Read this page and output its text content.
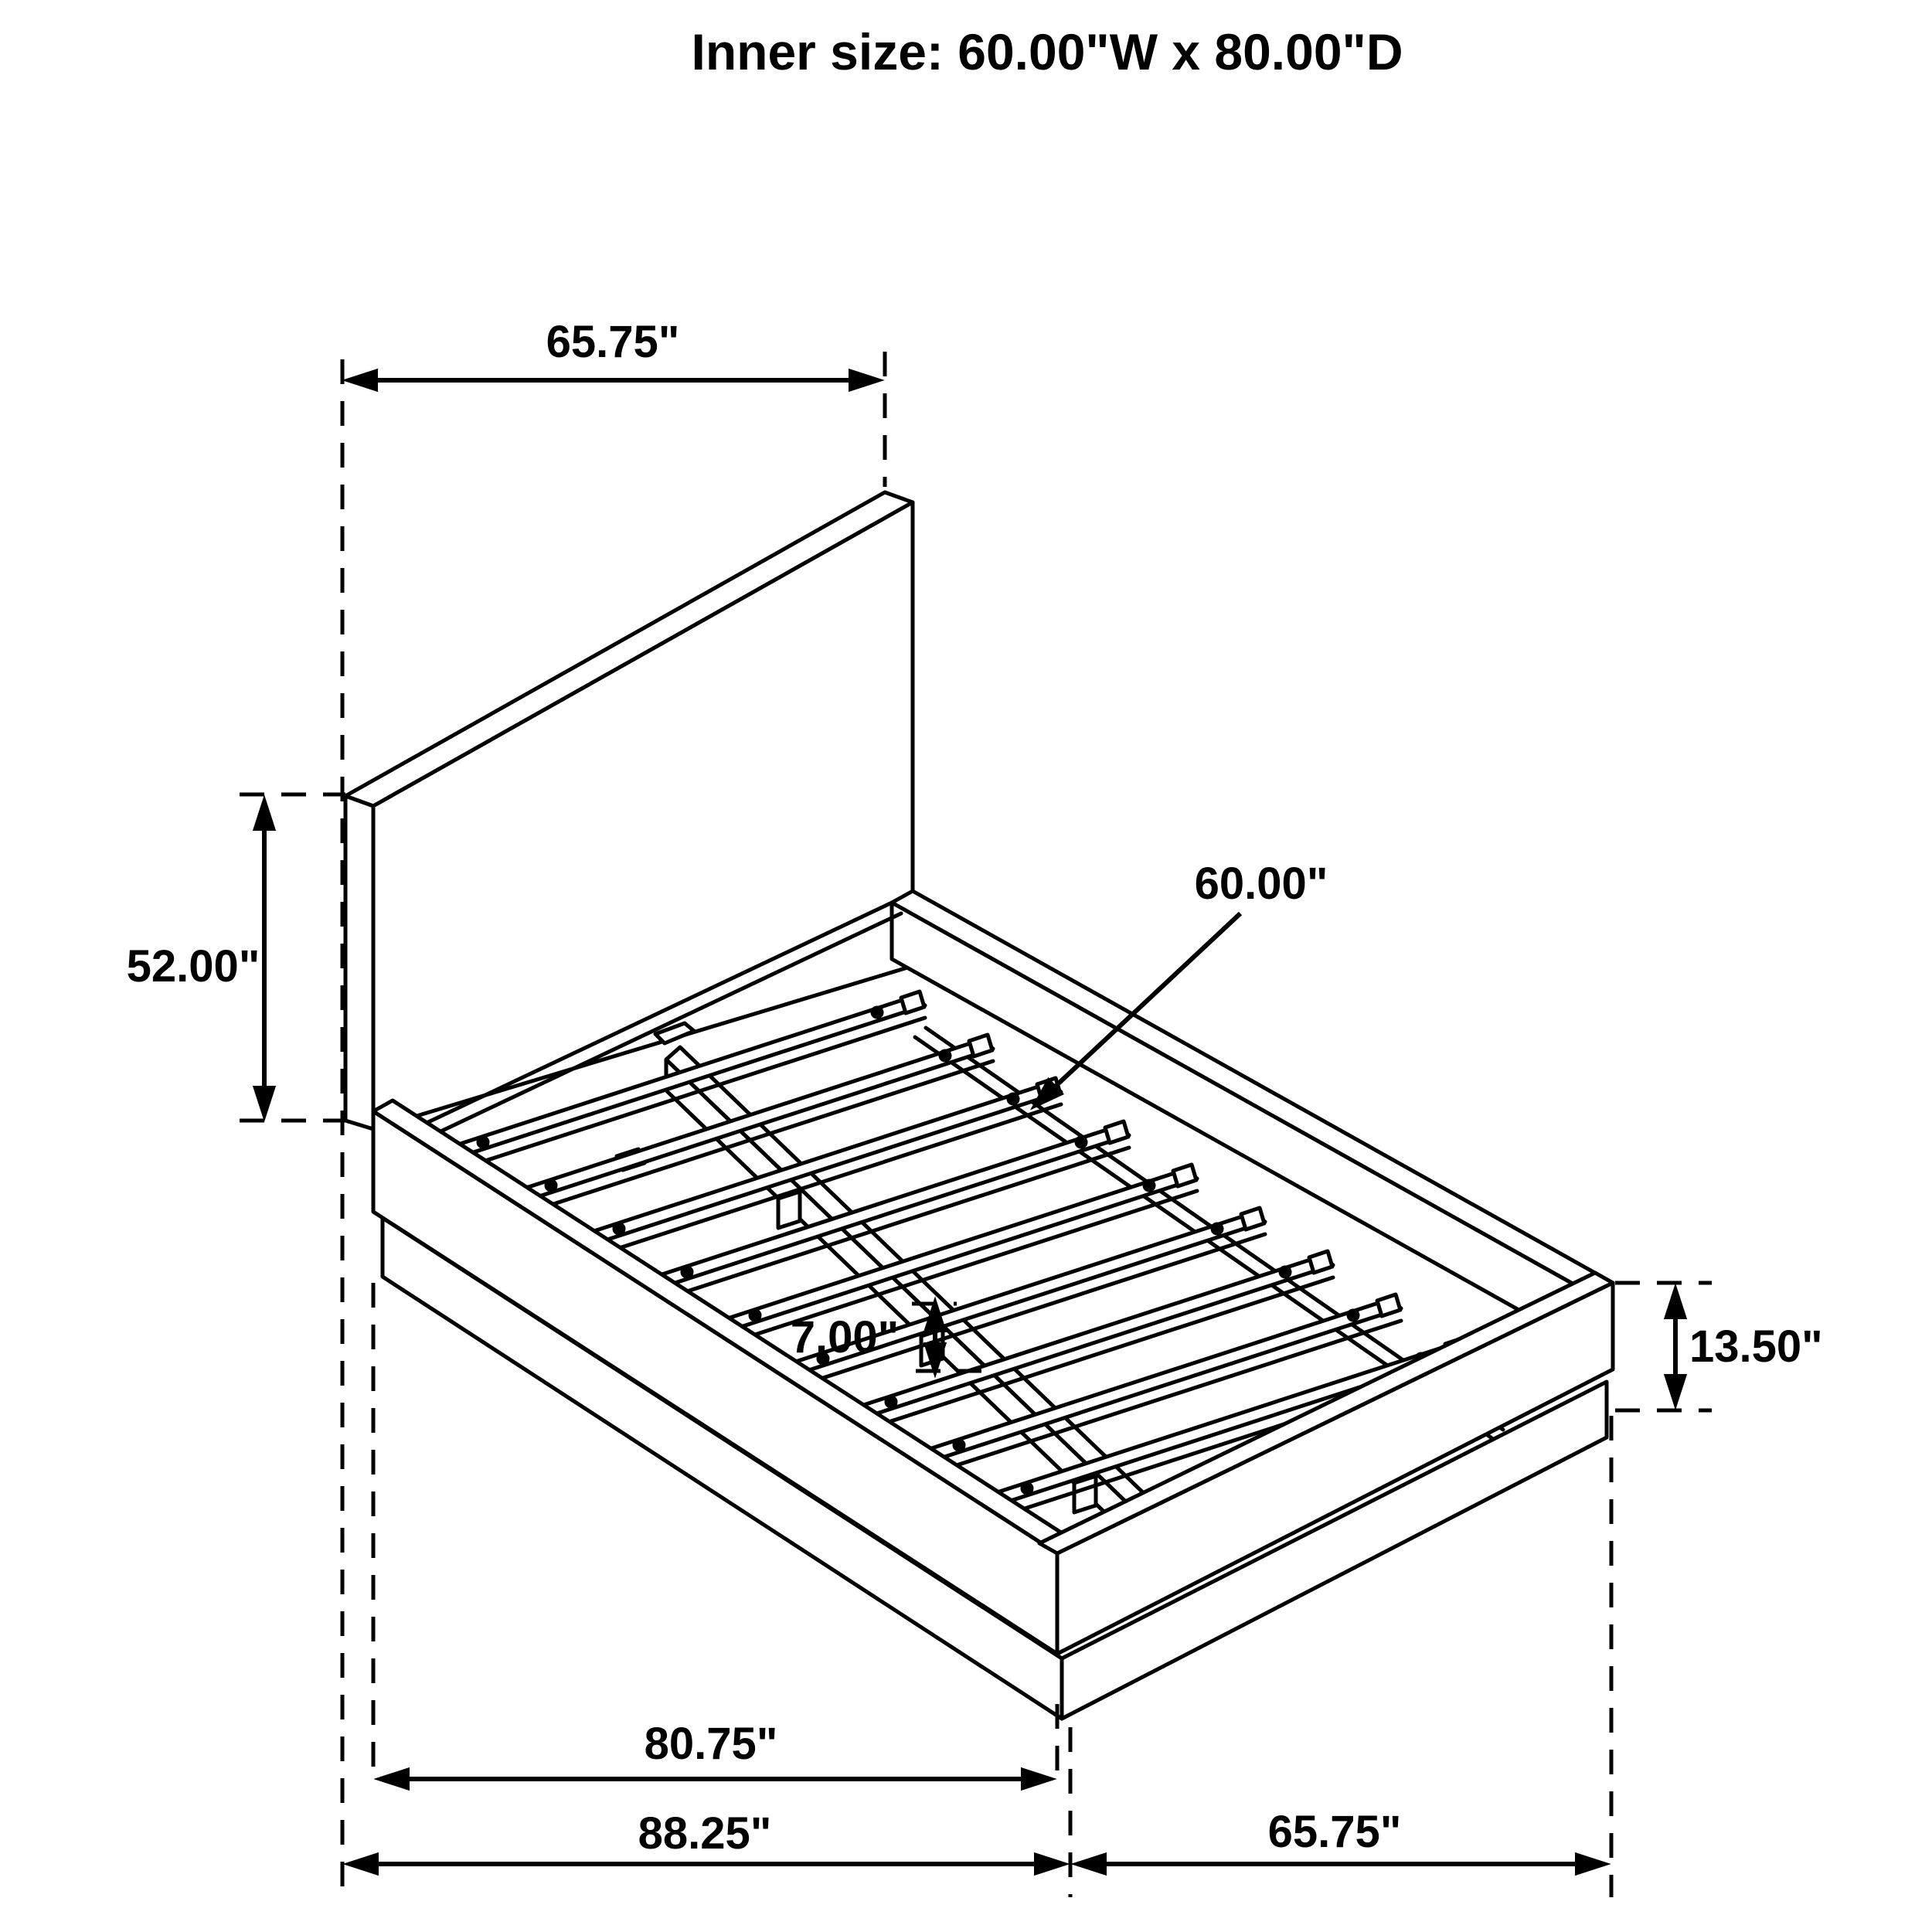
Inner size: 60.00"W x 80.00"D
65.75"
52.00"
60.00"
7.00"	13.50"
80.75"
88.25"	65.75"
